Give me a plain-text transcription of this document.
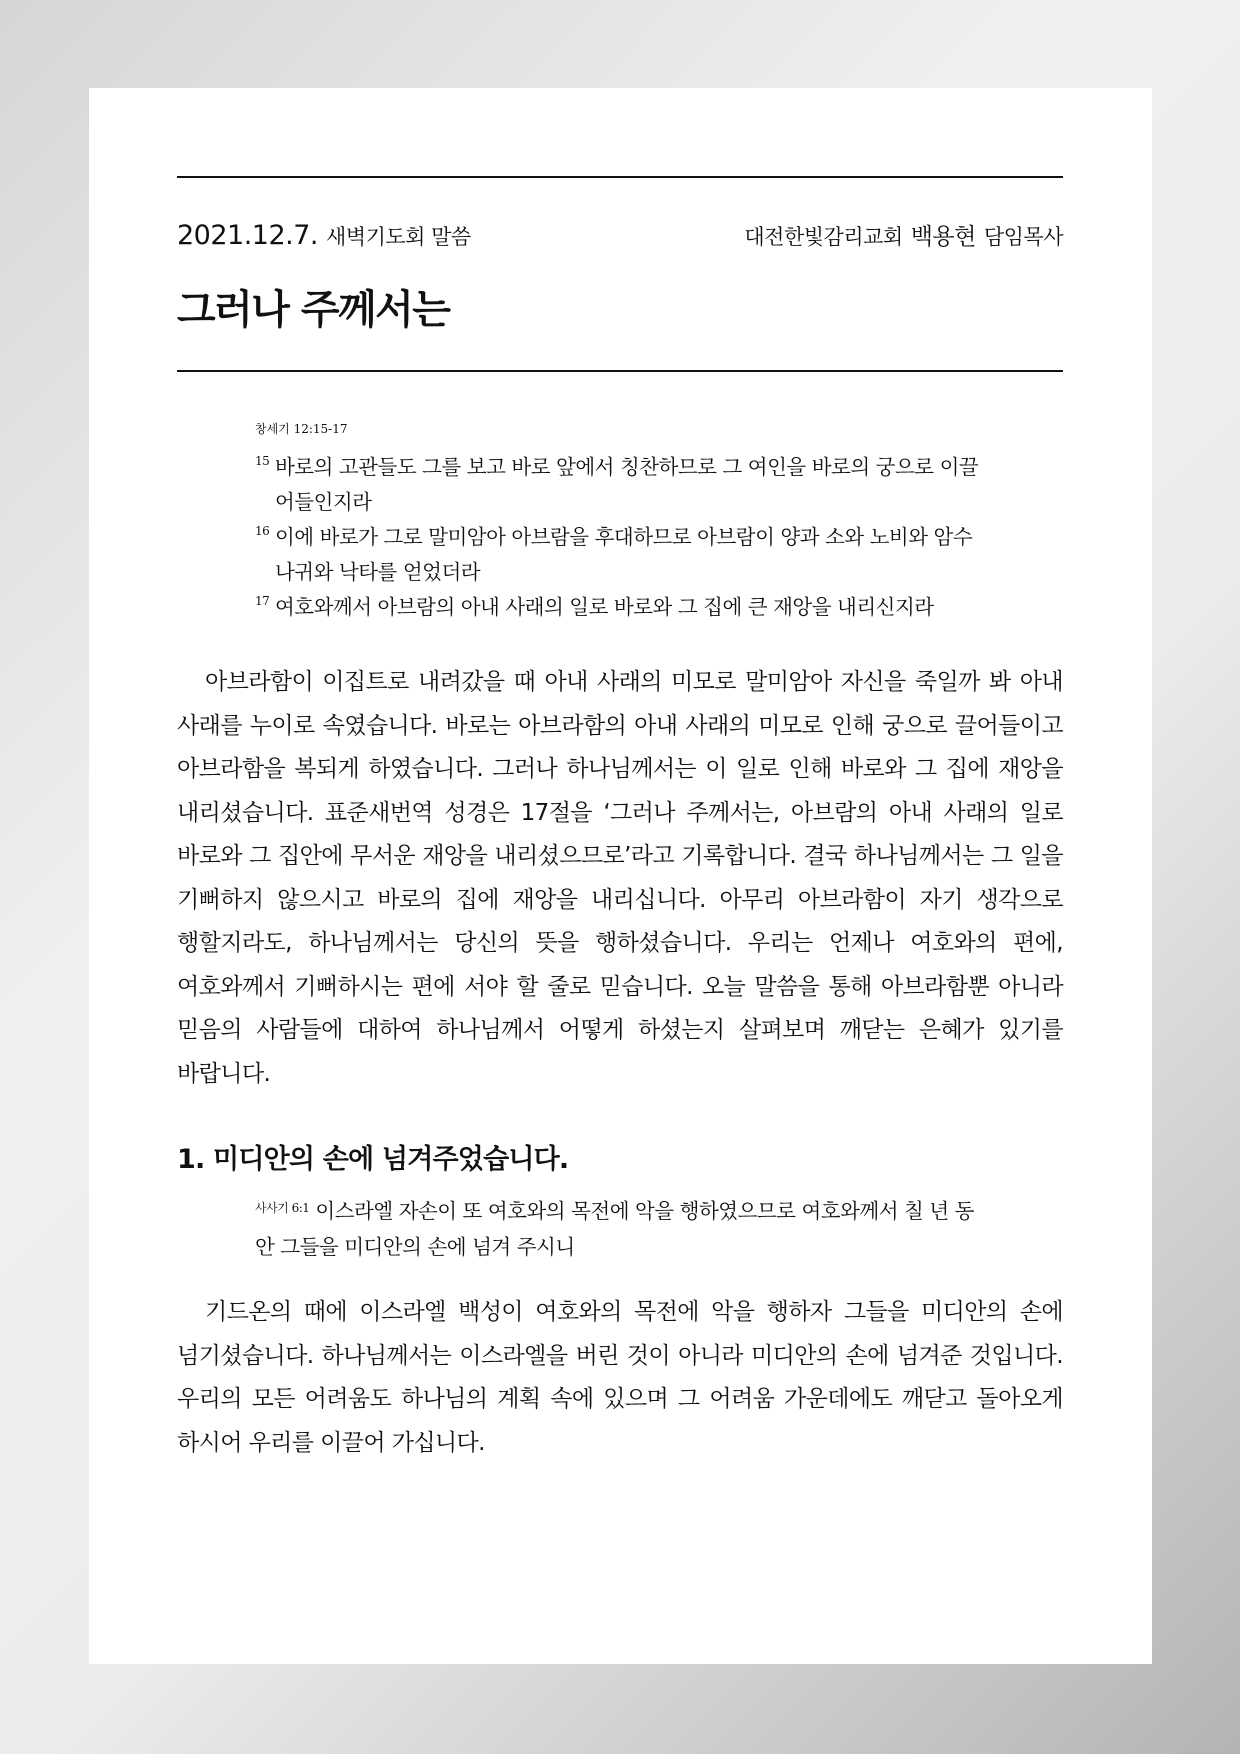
2021.12.7. 새벽기도회 말씀	대전한빛감리교회 백용현 담임목사
그러나 주께서는
창세기 12:15-17
15 바로의 고관들도 그를 보고 바로 앞에서 칭찬하므로 그 여인을 바로의 궁으로 이끌어들인지라
16 이에 바로가 그로 말미암아 아브람을 후대하므로 아브람이 양과 소와 노비와 암수 나귀와 낙타를 얻었더라
17 여호와께서 아브람의 아내 사래의 일로 바로와 그 집에 큰 재앙을 내리신지라

아브라함이 이집트로 내려갔을 때 아내 사래의 미모로 말미암아 자신을 죽일까 봐 아내 사래를 누이로 속였습니다. 바로는 아브라함의 아내 사래의 미모로 인해 궁으로 끌어들이고 아브라함을 복되게 하였습니다. 그러나 하나님께서는 이 일로 인해 바로와 그 집에 재앙을 내리셨습니다. 표준새번역 성경은 17절을 ‘그러나 주께서는, 아브람의 아내 사래의 일로 바로와 그 집안에 무서운 재앙을 내리셨으므로’라고 기록합니다. 결국 하나님께서는 그 일을 기뻐하지 않으시고 바로의 집에 재앙을 내리십니다. 아무리 아브라함이 자기 생각으로 행할지라도, 하나님께서는 당신의 뜻을 행하셨습니다. 우리는 언제나 여호와의 편에, 여호와께서 기뻐하시는 편에 서야 할 줄로 믿습니다. 오늘 말씀을 통해 아브라함뿐 아니라 믿음의 사람들에 대하여 하나님께서 어떻게 하셨는지 살펴보며 깨닫는 은혜가 있기를 바랍니다.

1. 미디안의 손에 넘겨주었습니다.
$^{사사기 6:1}$ 이스라엘 자손이 또 여호와의 목전에 악을 행하였으므로 여호와께서 칠 년 동안 그들을 미디안의 손에 넘겨 주시니

기드온의 때에 이스라엘 백성이 여호와의 목전에 악을 행하자 그들을 미디안의 손에 넘기셨습니다. 하나님께서는 이스라엘을 버린 것이 아니라 미디안의 손에 넘겨준 것입니다. 우리의 모든 어려움도 하나님의 계획 속에 있으며 그 어려움 가운데에도 깨닫고 돌아오게 하시어 우리를 이끌어 가십니다.
